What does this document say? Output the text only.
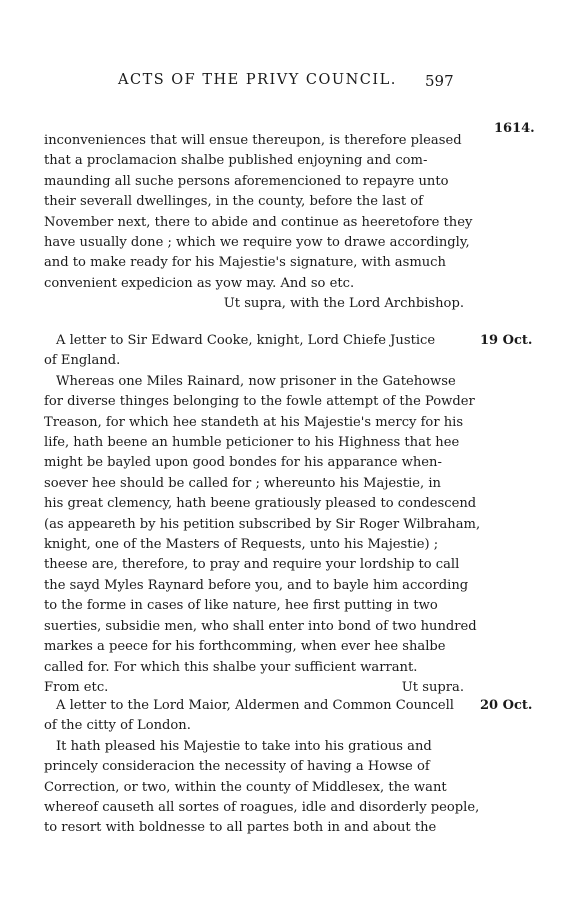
ACTS OF THE PRIVY COUNCIL. 597
1614.
19 Oct.
20 Oct.
inconveniences that will ensue thereupon, is therefore pleased
that a proclamacion shalbe published enjoyning and com-
maunding all suche persons aforemencioned to repayre unto
their severall dwellinges, in the county, before the last of
November next, there to abide and continue as heeretofore they
have usually done ; which we require yow to drawe accordingly,
and to make ready for his Majestie's signature, with asmuch
convenient expedicion as yow may. And so etc.
Ut supra, with the Lord Archbishop.
A letter to Sir Edward Cooke, knight, Lord Chiefe Justice
of England.
Whereas one Miles Rainard, now prisoner in the Gatehowse
for diverse thinges belonging to the fowle attempt of the Powder
Treason, for which hee standeth at his Majestie's mercy for his
life, hath beene an humble peticioner to his Highness that hee
might be bayled upon good bondes for his apparance when-
soever hee should be called for ; whereunto his Majestie, in
his great clemency, hath beene gratiously pleased to condescend
(as appeareth by his petition subscribed by Sir Roger Wilbraham,
knight, one of the Masters of Requests, unto his Majestie) ;
theese are, therefore, to pray and require your lordship to call
the sayd Myles Raynard before you, and to bayle him according
to the forme in cases of like nature, hee first putting in two
suerties, subsidie men, who shall enter into bond of two hundred
markes a peece for his forthcomming, when ever hee shalbe
called for. For which this shalbe your sufficient warrant.
From etc.	Ut supra.
A letter to the Lord Maior, Aldermen and Common Councell
of the citty of London.
It hath pleased his Majestie to take into his gratious and
princely consideracion the necessity of having a Howse of
Correction, or two, within the county of Middlesex, the want
whereof causeth all sortes of roagues, idle and disorderly people,
to resort with boldnesse to all partes both in and about the
